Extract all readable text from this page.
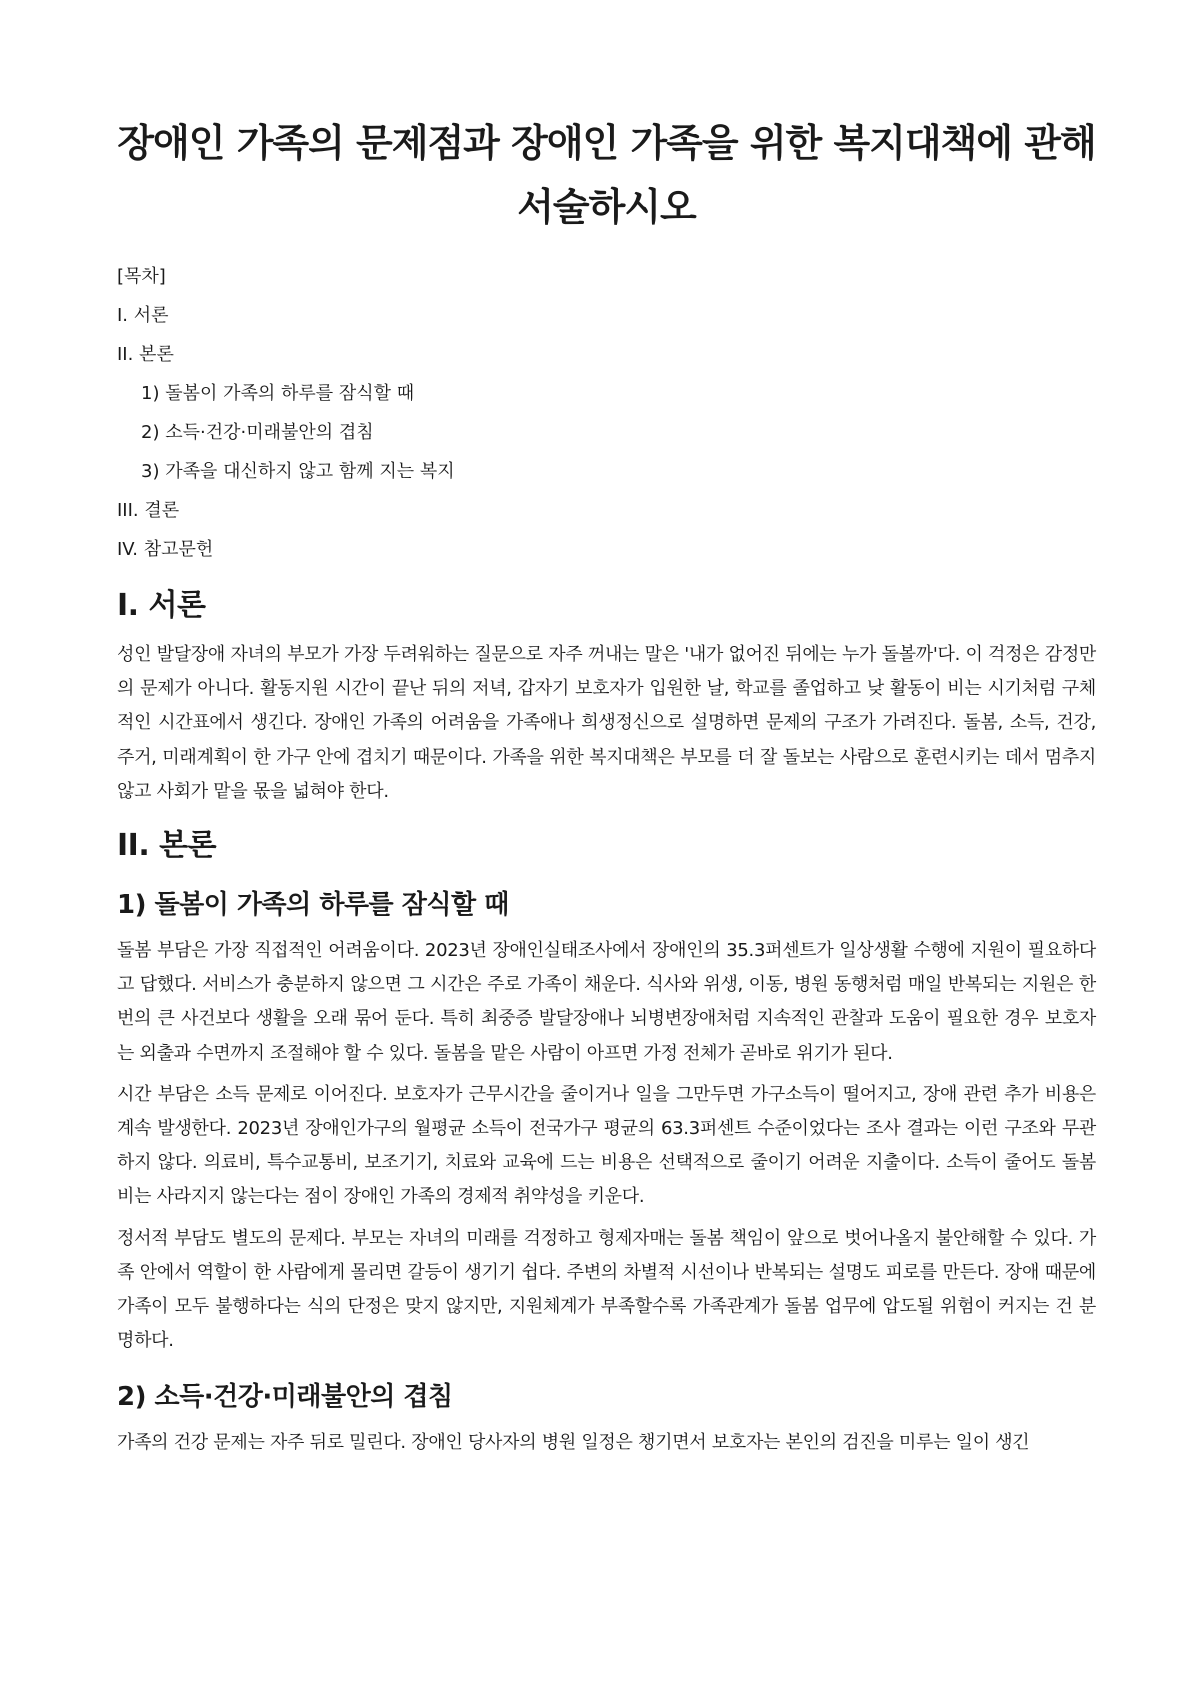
장애인 가족의 문제점과 장애인 가족을 위한 복지대책에 관해
서술하시오
[목차]
I. 서론
II. 본론
1) 돌봄이 가족의 하루를 잠식할 때
2) 소득·건강·미래불안의 겹침
3) 가족을 대신하지 않고 함께 지는 복지
III. 결론
IV. 참고문헌
I. 서론

성인 발달장애 자녀의 부모가 가장 두려워하는 질문으로 자주 꺼내는 말은 '내가 없어진 뒤에는 누가 돌볼까'다. 이 걱정은 감정만의 문제가 아니다. 활동지원 시간이 끝난 뒤의 저녁, 갑자기 보호자가 입원한 날, 학교를 졸업하고 낮 활동이 비는 시기처럼 구체적인 시간표에서 생긴다. 장애인 가족의 어려움을 가족애나 희생정신으로 설명하면 문제의 구조가 가려진다. 돌봄, 소득, 건강, 주거, 미래계획이 한 가구 안에 겹치기 때문이다. 가족을 위한 복지대책은 부모를 더 잘 돌보는 사람으로 훈련시키는 데서 멈추지 않고 사회가 맡을 몫을 넓혀야 한다.

II. 본론
1) 돌봄이 가족의 하루를 잠식할 때

돌봄 부담은 가장 직접적인 어려움이다. 2023년 장애인실태조사에서 장애인의 35.3퍼센트가 일상생활 수행에 지원이 필요하다고 답했다. 서비스가 충분하지 않으면 그 시간은 주로 가족이 채운다. 식사와 위생, 이동, 병원 동행처럼 매일 반복되는 지원은 한 번의 큰 사건보다 생활을 오래 묶어 둔다. 특히 최중증 발달장애나 뇌병변장애처럼 지속적인 관찰과 도움이 필요한 경우 보호자는 외출과 수면까지 조절해야 할 수 있다. 돌봄을 맡은 사람이 아프면 가정 전체가 곧바로 위기가 된다.

시간 부담은 소득 문제로 이어진다. 보호자가 근무시간을 줄이거나 일을 그만두면 가구소득이 떨어지고, 장애 관련 추가 비용은 계속 발생한다. 2023년 장애인가구의 월평균 소득이 전국가구 평균의 63.3퍼센트 수준이었다는 조사 결과는 이런 구조와 무관하지 않다. 의료비, 특수교통비, 보조기기, 치료와 교육에 드는 비용은 선택적으로 줄이기 어려운 지출이다. 소득이 줄어도 돌봄비는 사라지지 않는다는 점이 장애인 가족의 경제적 취약성을 키운다.

정서적 부담도 별도의 문제다. 부모는 자녀의 미래를 걱정하고 형제자매는 돌봄 책임이 앞으로 벗어나올지 불안해할 수 있다. 가족 안에서 역할이 한 사람에게 몰리면 갈등이 생기기 쉽다. 주변의 차별적 시선이나 반복되는 설명도 피로를 만든다. 장애 때문에 가족이 모두 불행하다는 식의 단정은 맞지 않지만, 지원체계가 부족할수록 가족관계가 돌봄 업무에 압도될 위험이 커지는 건 분명하다.

2) 소득·건강·미래불안의 겹침

가족의 건강 문제는 자주 뒤로 밀린다. 장애인 당사자의 병원 일정은 챙기면서 보호자는 본인의 검진을 미루는 일이 생긴
